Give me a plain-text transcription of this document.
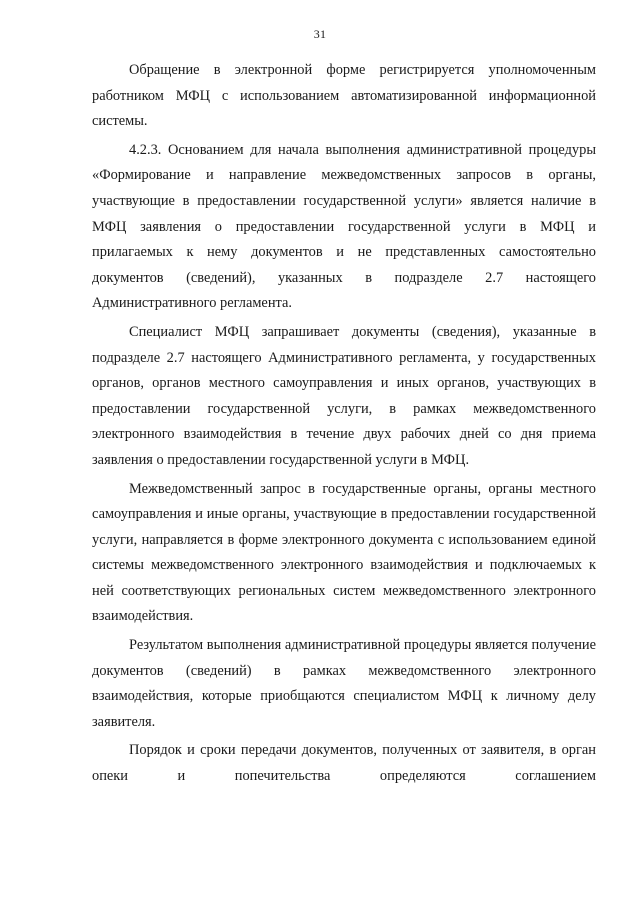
31

Обращение в электронной форме регистрируется уполномоченным работником МФЦ с использованием автоматизированной информационной системы.

4.2.3. Основанием для начала выполнения административной процедуры «Формирование и направление межведомственных запросов в органы, участвующие в предоставлении государственной услуги» является наличие в МФЦ заявления о предоставлении государственной услуги в МФЦ и прилагаемых к нему документов и не представленных самостоятельно документов (сведений), указанных в подразделе 2.7 настоящего Административного регламента.

Специалист МФЦ запрашивает документы (сведения), указанные в подразделе 2.7 настоящего Административного регламента, у государственных органов, органов местного самоуправления и иных органов, участвующих в предоставлении государственной услуги, в рамках межведомственного электронного взаимодействия в течение двух рабочих дней со дня приема заявления о предоставлении государственной услуги в МФЦ.

Межведомственный запрос в государственные органы, органы местного самоуправления и иные органы, участвующие в предоставлении государственной услуги, направляется в форме электронного документа с использованием единой системы межведомственного электронного взаимодействия и подключаемых к ней соответствующих региональных систем межведомственного электронного взаимодействия.

Результатом выполнения административной процедуры является получение документов (сведений) в рамках межведомственного электронного взаимодействия, которые приобщаются специалистом МФЦ к личному делу заявителя.

Порядок и сроки передачи документов, полученных от заявителя, в орган опеки и попечительства определяются соглашением
